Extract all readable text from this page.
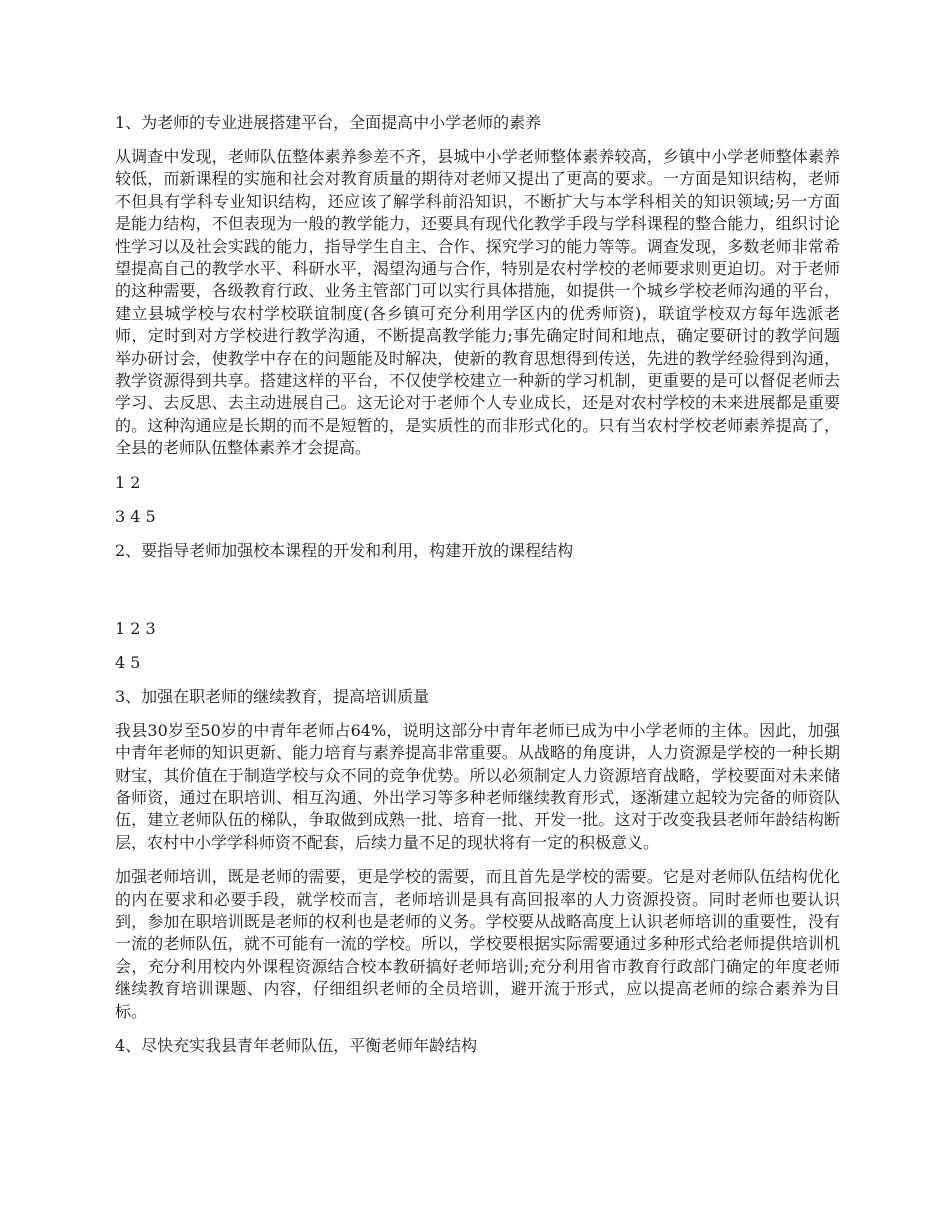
1、为老师的专业进展搭建平台，全面提高中小学老师的素养
从调查中发现，老师队伍整体素养参差不齐，县城中小学老师整体素养较高，乡镇中小学老师整体素养较低，而新课程的实施和社会对教育质量的期待对老师又提出了更高的要求。一方面是知识结构，老师不但具有学科专业知识结构，还应该了解学科前沿知识，不断扩大与本学科相关的知识领域;另一方面是能力结构，不但表现为一般的教学能力，还要具有现代化教学手段与学科课程的整合能力，组织讨论性学习以及社会实践的能力，指导学生自主、合作、探究学习的能力等等。调查发现，多数老师非常希望提高自己的教学水平、科研水平，渴望沟通与合作，特别是农村学校的老师要求则更迫切。对于老师的这种需要，各级教育行政、业务主管部门可以实行具体措施，如提供一个城乡学校老师沟通的平台，建立县城学校与农村学校联谊制度(各乡镇可充分利用学区内的优秀师资)，联谊学校双方每年选派老师，定时到对方学校进行教学沟通，不断提高教学能力;事先确定时间和地点，确定要研讨的教学问题举办研讨会，使教学中存在的问题能及时解决，使新的教育思想得到传送，先进的教学经验得到沟通，教学资源得到共享。搭建这样的平台，不仅使学校建立一种新的学习机制，更重要的是可以督促老师去学习、去反思、去主动进展自己。这无论对于老师个人专业成长，还是对农村学校的未来进展都是重要的。这种沟通应是长期的而不是短暂的，是实质性的而非形式化的。只有当农村学校老师素养提高了，全县的老师队伍整体素养才会提高。
1 2
3 4 5
2、要指导老师加强校本课程的开发和利用，构建开放的课程结构
1 2 3
4 5
3、加强在职老师的继续教育，提高培训质量
我县30岁至50岁的中青年老师占64%，说明这部分中青年老师已成为中小学老师的主体。因此，加强中青年老师的知识更新、能力培育与素养提高非常重要。从战略的角度讲，人力资源是学校的一种长期财宝，其价值在于制造学校与众不同的竞争优势。所以必须制定人力资源培育战略，学校要面对未来储备师资，通过在职培训、相互沟通、外出学习等多种老师继续教育形式，逐渐建立起较为完备的师资队伍，建立老师队伍的梯队，争取做到成熟一批、培育一批、开发一批。这对于改变我县老师年龄结构断层，农村中小学学科师资不配套，后续力量不足的现状将有一定的积极意义。
加强老师培训，既是老师的需要，更是学校的需要，而且首先是学校的需要。它是对老师队伍结构优化的内在要求和必要手段，就学校而言，老师培训是具有高回报率的人力资源投资。同时老师也要认识到，参加在职培训既是老师的权利也是老师的义务。学校要从战略高度上认识老师培训的重要性，没有一流的老师队伍，就不可能有一流的学校。所以，学校要根据实际需要通过多种形式给老师提供培训机会，充分利用校内外课程资源结合校本教研搞好老师培训;充分利用省市教育行政部门确定的年度老师继续教育培训课题、内容，仔细组织老师的全员培训，避开流于形式，应以提高老师的综合素养为目标。
4、尽快充实我县青年老师队伍，平衡老师年龄结构
